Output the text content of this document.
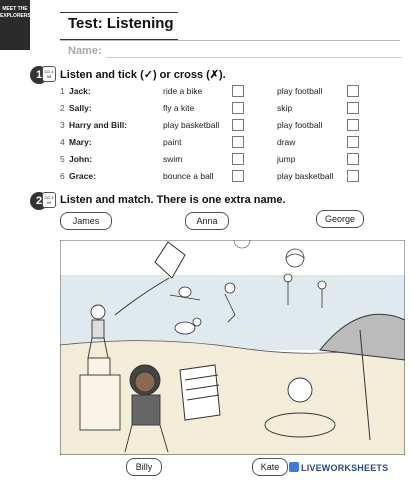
MEET THE EXPLORERS Test: Listening
Name:
1 CD 4 08 Listen and tick (✓) or cross (✗).
1 Jack:	ride a bike	play football
2 Sally:	fly a kite	skip
3 Harry and Bill:	play basketball	play football
4 Mary:	paint	draw
5 John:	swim	jump
6 Grace:	bounce a ball	play basketball
2 CD 4 09 Listen and match. There is one extra name.
James	Anna	George
Billy	Kate	LIVEWORKSHEETS
